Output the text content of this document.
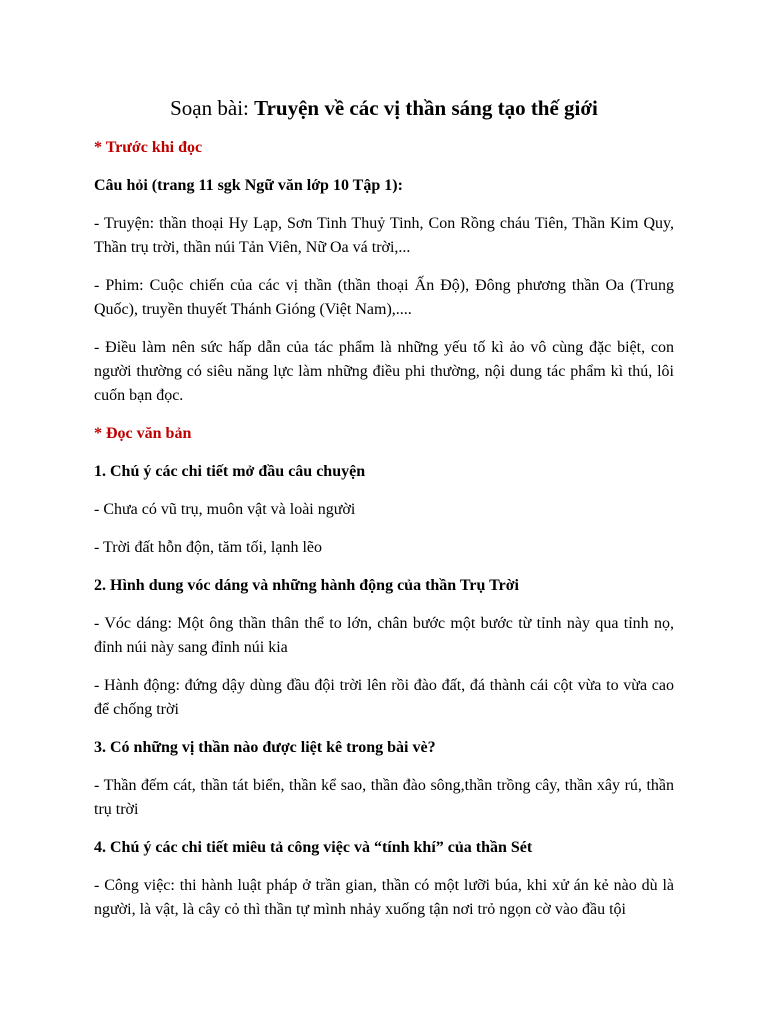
Soạn bài: Truyện về các vị thần sáng tạo thế giới
* Trước khi đọc
Câu hỏi (trang 11 sgk Ngữ văn lớp 10 Tập 1):
- Truyện: thần thoại Hy Lạp, Sơn Tinh Thuỷ Tinh, Con Rồng cháu Tiên, Thần Kim Quy, Thần trụ trời, thần núi Tản Viên, Nữ Oa vá trời,...
- Phim: Cuộc chiến của các vị thần (thần thoại Ấn Độ), Đông phương thần Oa (Trung Quốc), truyền thuyết Thánh Gióng (Việt Nam),....
- Điều làm nên sức hấp dẫn của tác phẩm là những yếu tố kì ảo vô cùng đặc biệt, con người thường có siêu năng lực làm những điều phi thường, nội dung tác phẩm kì thú, lôi cuốn bạn đọc.
* Đọc văn bản
1. Chú ý các chi tiết mở đầu câu chuyện
- Chưa có vũ trụ, muôn vật và loài người
- Trời đất hỗn độn, tăm tối, lạnh lẽo
2. Hình dung vóc dáng và những hành động của thần Trụ Trời
- Vóc dáng: Một ông thần thân thể to lớn, chân bước một bước từ tỉnh này qua tỉnh nọ, đỉnh núi này sang đỉnh núi kia
- Hành động: đứng dậy dùng đầu đội trời lên rồi đào đất, đá thành cái cột vừa to vừa cao để chống trời
3. Có những vị thần nào được liệt kê trong bài vè?
- Thần đếm cát, thần tát biển, thần kể sao, thần đào sông,thần trồng cây, thần xây rú, thần trụ trời
4. Chú ý các chi tiết miêu tả công việc và “tính khí” của thần Sét
- Công việc: thi hành luật pháp ở trần gian, thần có một lưỡi búa, khi xử án kẻ nào dù là người, là vật, là cây cỏ thì thần tự mình nhảy xuống tận nơi trỏ ngọn cờ vào đầu tội
